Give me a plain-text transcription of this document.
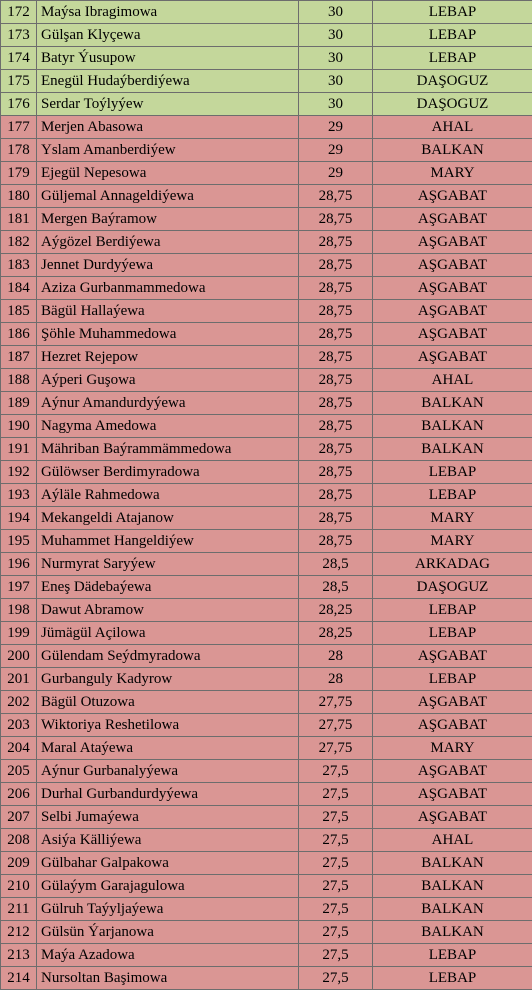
172	Maýsa Ibragimowa	30	LEBAP
173	Gülşan Klyçewa	30	LEBAP
174	Batyr Ýusupow	30	LEBAP
175	Enegül Hudaýberdiýewa	30	DAŞOGUZ
176	Serdar Toýlyýew	30	DAŞOGUZ
177	Merjen Abasowa	29	AHAL
178	Yslam Amanberdiýew	29	BALKAN
179	Ejegül Nepesowa	29	MARY
180	Güljemal Annageldiýewa	28,75	AŞGABAT
181	Mergen Baýramow	28,75	AŞGABAT
182	Aýgözel Berdiýewa	28,75	AŞGABAT
183	Jennet Durdyýewa	28,75	AŞGABAT
184	Aziza Gurbanmammedowa	28,75	AŞGABAT
185	Bägül Hallaýewa	28,75	AŞGABAT
186	Şöhle Muhammedowa	28,75	AŞGABAT
187	Hezret Rejepow	28,75	AŞGABAT
188	Aýperi Guşowa	28,75	AHAL
189	Aýnur Amandurdyýewa	28,75	BALKAN
190	Nagyma Amedowa	28,75	BALKAN
191	Mähriban Baýrammämmedowa	28,75	BALKAN
192	Gülöwser Berdimyradowa	28,75	LEBAP
193	Aýläle Rahmedowa	28,75	LEBAP
194	Mekangeldi Atajanow	28,75	MARY
195	Muhammet Hangeldiýew	28,75	MARY
196	Nurmyrat Saryýew	28,5	ARKADAG
197	Eneş Dädebaýewa	28,5	DAŞOGUZ
198	Dawut Abramow	28,25	LEBAP
199	Jümägül Açilowa	28,25	LEBAP
200	Gülendam Seýdmyradowa	28	AŞGABAT
201	Gurbanguly Kadyrow	28	LEBAP
202	Bägül Otuzowa	27,75	AŞGABAT
203	Wiktoriya Reshetilowa	27,75	AŞGABAT
204	Maral Ataýewa	27,75	MARY
205	Aýnur Gurbanalyýewa	27,5	AŞGABAT
206	Durhal Gurbandurdyýewa	27,5	AŞGABAT
207	Selbi Jumaýewa	27,5	AŞGABAT
208	Asiýa Källiýewa	27,5	AHAL
209	Gülbahar Galpakowa	27,5	BALKAN
210	Gülaýym Garajagulowa	27,5	BALKAN
211	Gülruh Taýyljaýewa	27,5	BALKAN
212	Gülsün Ýarjanowa	27,5	BALKAN
213	Maýa Azadowa	27,5	LEBAP
214	Nursoltan Başimowa	27,5	LEBAP
